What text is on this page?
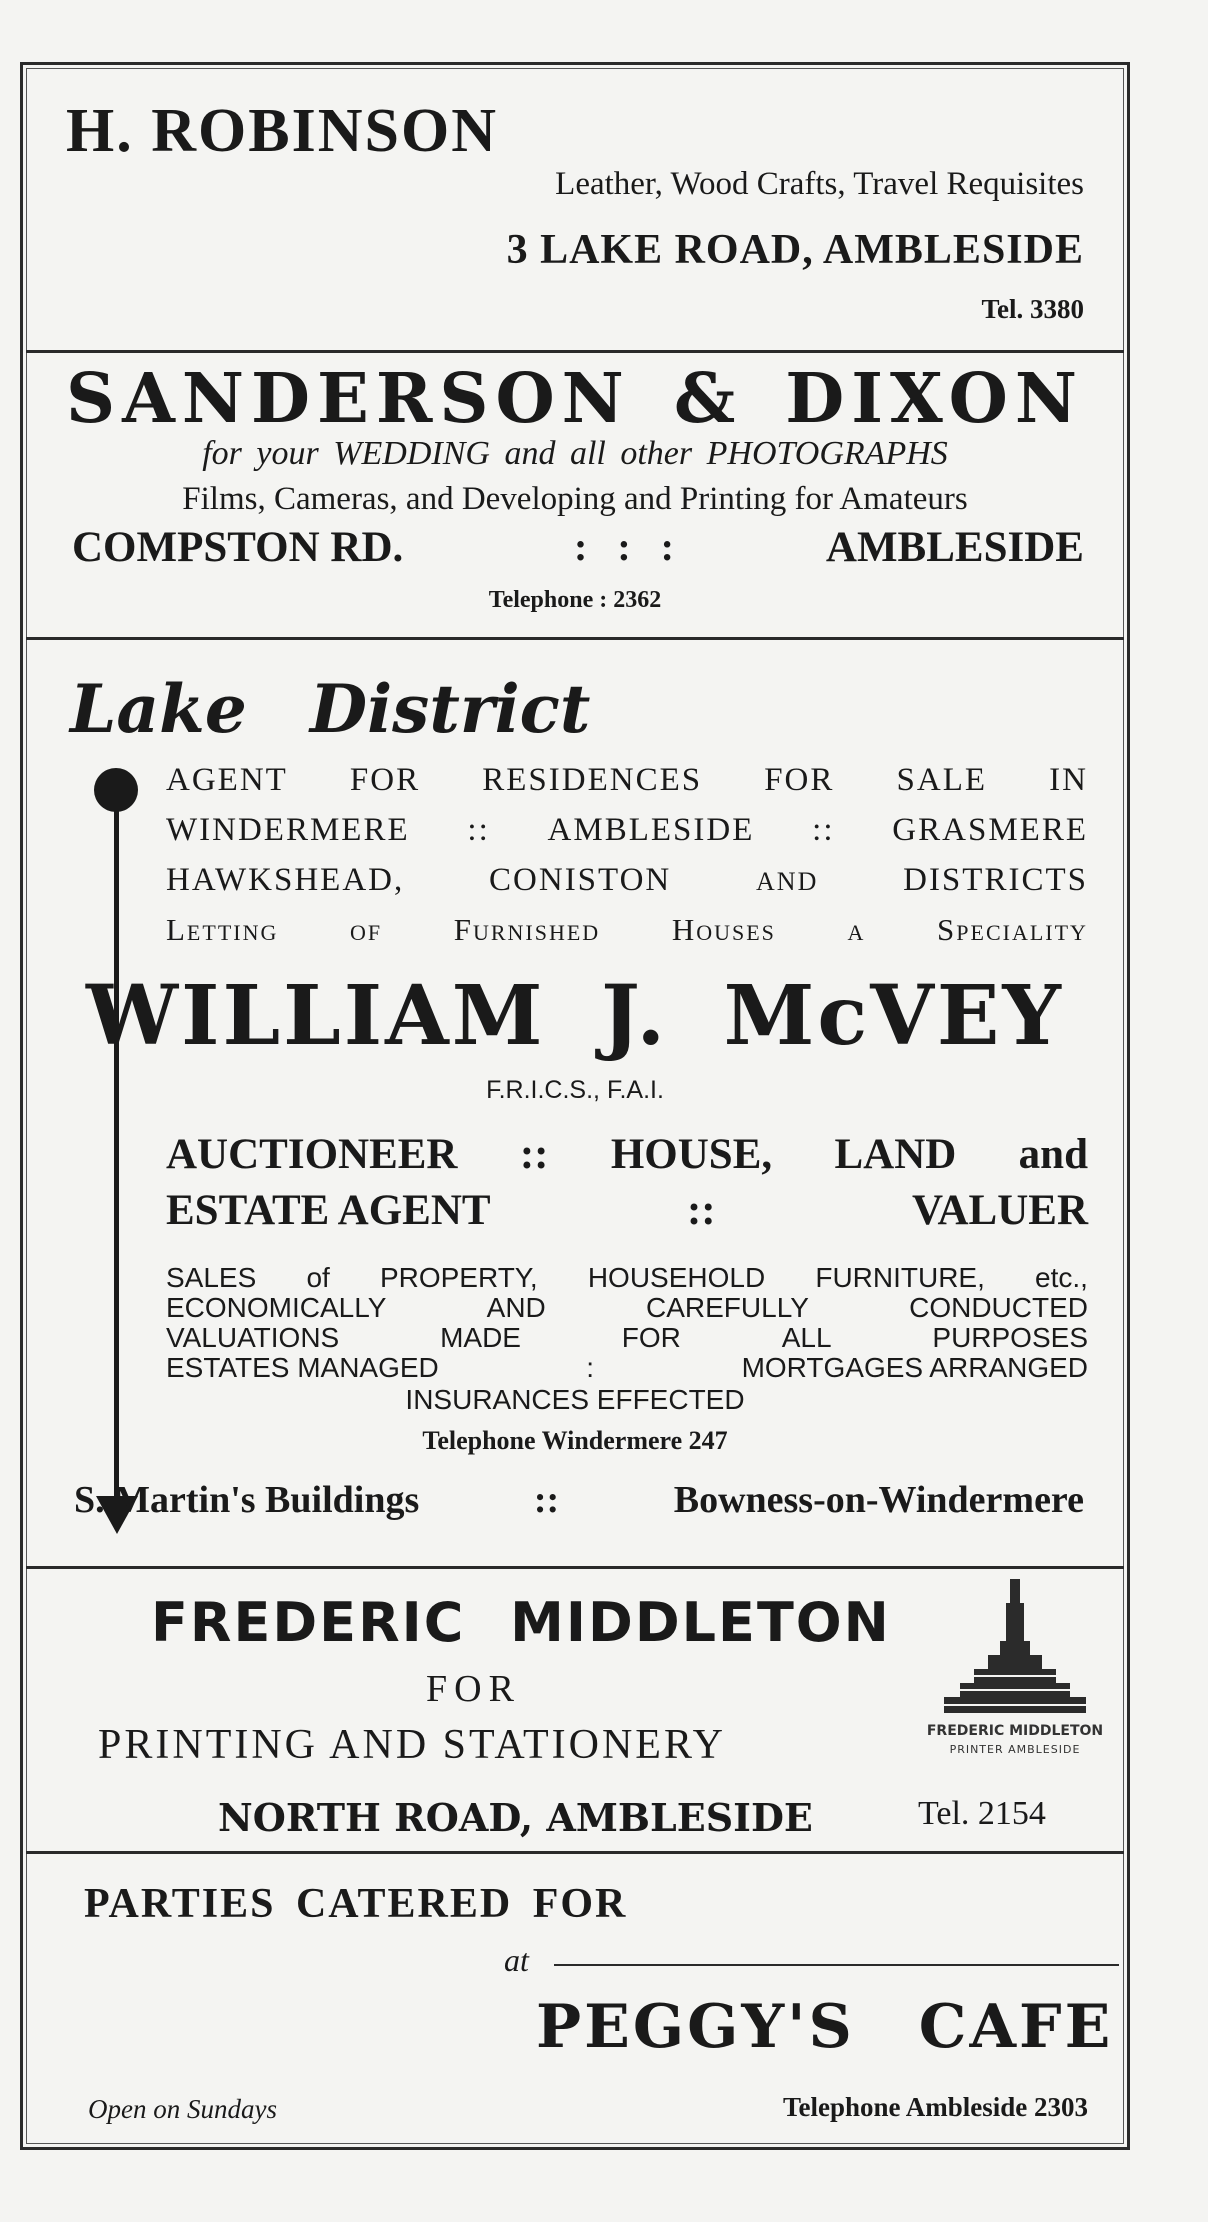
H. ROBINSON
Leather, Wood Crafts, Travel Requisites
3 LAKE ROAD, AMBLESIDE
Tel. 3380
SANDERSON & DIXON
for your WEDDING and all other PHOTOGRAPHS
Films, Cameras, and Developing and Printing for Amateurs
COMPSTON RD.	: : :	AMBLESIDE
Telephone : 2362
Lake District
AGENT FOR RESIDENCES FOR SALE IN
WINDERMERE :: AMBLESIDE :: GRASMERE
HAWKSHEAD,	CONISTON	AND	DISTRICTS
Letting of Furnished Houses a Speciality
WILLIAM J. McVEY
F.R.I.C.S., F.A.I.
AUCTIONEER :: HOUSE, LAND and
ESTATE AGENT	::	VALUER
SALES of PROPERTY, HOUSEHOLD FURNITURE, etc.,
ECONOMICALLY	AND	CAREFULLY	CONDUCTED
VALUATIONS	MADE	FOR	ALL	PURPOSES
ESTATES MANAGED	:	MORTGAGES ARRANGED
INSURANCES EFFECTED
Telephone Windermere 247
S. Martin's Buildings	::	Bowness-on-Windermere
FREDERIC MIDDLETON
FOR
PRINTING AND STATIONERY
NORTH ROAD, AMBLESIDE	Tel. 2154
FREDERIC MIDDLETON
PRINTER AMBLESIDE
PARTIES CATERED FOR
at
PEGGY'S CAFE
Open on Sundays	Telephone Ambleside 2303
